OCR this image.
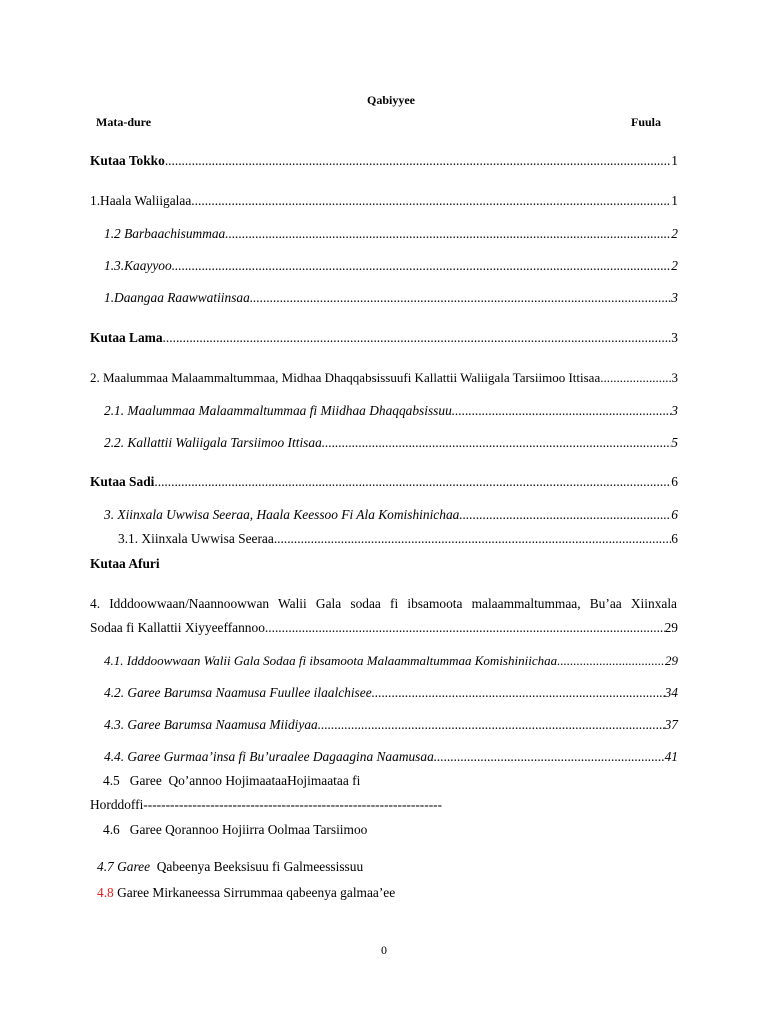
Qabiyyee
Mata-dure	Fuula
Kutaa Tokko .....	1
1.Haala Waliigalaa .....	1
1.2 Barbaachisummaa .....	2
1.3.Kaayyoo .....	2
1.Daangaa Raawwatiinsaa .....	3
Kutaa Lama .....	3
2. Maalummaa Malaammaltummaa, Midhaa Dhaqqabsissuufi Kallattii Waliigala Tarsiimoo Ittisaa .....	3
2.1. Maalummaa Malaammaltummaa fi Miidhaa Dhaqqabsissuu .....	3
2.2. Kallattii Waliigala Tarsiimoo Ittisaa .....	5
Kutaa Sadi .....	6
3. Xiinxala Uwwisa Seeraa, Haala Keessoo Fi Ala Komishinichaa .....	6
3.1. Xiinxala Uwwisa Seeraa .....	6
Kutaa Afuri
4. Idddoowwaan/Naannoowwan Walii Gala sodaa fi ibsamoota malaammaltummaa, Bu’aa Xiinxala
Sodaa fi Kallattii Xiyyeeffannoo .....	29
4.1. Idddoowwaan Walii Gala Sodaa fi ibsamoota Malaammaltummaa Komishiniichaa .....	29
4.2. Garee Barumsa Naamusa Fuullee ilaalchisee .....	34
4.3. Garee Barumsa Naamusa Miidiyaa .....	37
4.4. Garee Gurmaa’insa fi Bu’uraalee Dagaagina Naamusaa .....	41
4.5 Garee  Qo’annoo HojimaataaHojimaataa fi
Horddoffi-------------------------------------------------------------------
4.6 Garee Qorannoo Hojiirra Oolmaa Tarsiimoo
4.7 Garee Qabeenya Beeksisuu fi Galmeessissuu
4.8 Garee Mirkaneessa Sirrummaa qabeenya galmaa’ee
0
